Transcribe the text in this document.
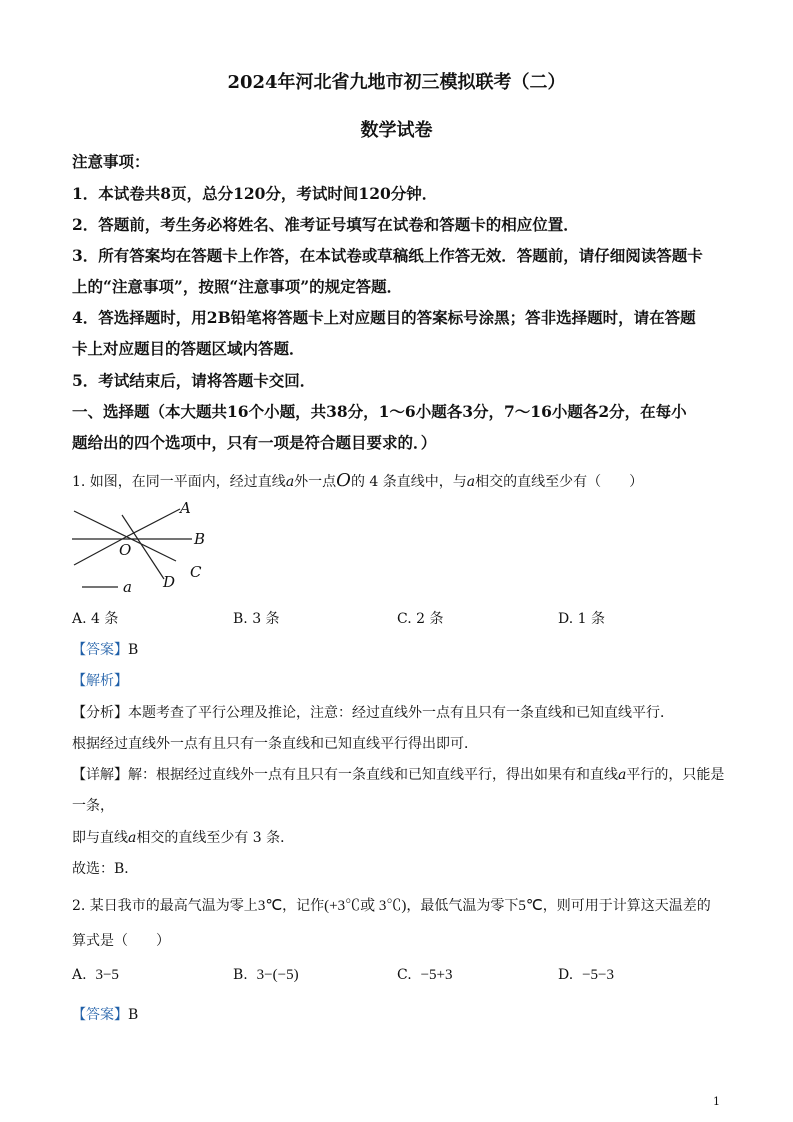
2024年河北省九地市初三模拟联考（二）
数学试卷
注意事项：
1．本试卷共8页，总分120分，考试时间120分钟．
2．答题前，考生务必将姓名、准考证号填写在试卷和答题卡的相应位置．
3．所有答案均在答题卡上作答，在本试卷或草稿纸上作答无效．答题前，请仔细阅读答题卡
上的“注意事项”，按照“注意事项”的规定答题．
4．答选择题时，用2B铅笔将答题卡上对应题目的答案标号涂黑；答非选择题时，请在答题
卡上对应题目的答题区域内答题．
5．考试结束后，请将答题卡交回．
一、选择题（本大题共16个小题，共38分，1～6小题各3分，7～16小题各2分，在每小
题给出的四个选项中，只有一项是符合题目要求的．）
1. 如图，在同一平面内，经过直线a外一点O的 4 条直线中，与a相交的直线至少有（　　）
A
B
C
D
O
a
A. 4 条	B. 3 条	C. 2 条	D. 1 条
【答案】B
【解析】
【分析】本题考查了平行公理及推论，注意：经过直线外一点有且只有一条直线和已知直线平行．
根据经过直线外一点有且只有一条直线和已知直线平行得出即可．
【详解】解：根据经过直线外一点有且只有一条直线和已知直线平行，得出如果有和直线a平行的，只能是
一条，
即与直线a相交的直线至少有 3 条．
故选：B．
2. 某日我市的最高气温为零上3℃，记作(+3℃或 3℃)，最低气温为零下5℃，则可用于计算这天温差的
算式是（　　）
A. 3−5	B. 3−(−5)	C. −5+3	D. −5−3
【答案】B
1
